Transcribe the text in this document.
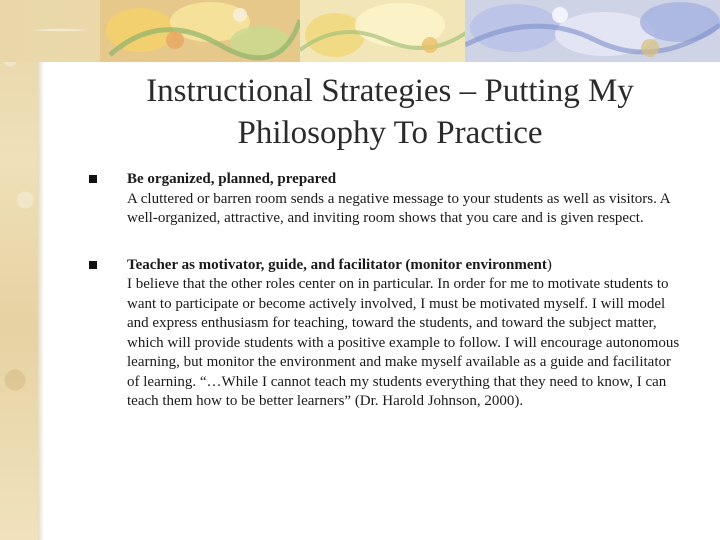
Instructional Strategies – Putting My Philosophy To Practice
Be organized, planned, prepared
A cluttered or barren room sends a negative message to your students as well as visitors. A well-organized, attractive, and inviting room shows that you care and is given respect.
Teacher as motivator, guide, and facilitator (monitor environment)
I believe that the other roles center on in particular. In order for me to motivate students to want to participate or become actively involved, I must be motivated myself. I will model and express enthusiasm for teaching, toward the students, and toward the subject matter, which will provide students with a positive example to follow. I will encourage autonomous learning, but monitor the environment and make myself available as a guide and facilitator of learning. “…While I cannot teach my students everything that they need to know, I can teach them how to be better learners” (Dr. Harold Johnson, 2000).
